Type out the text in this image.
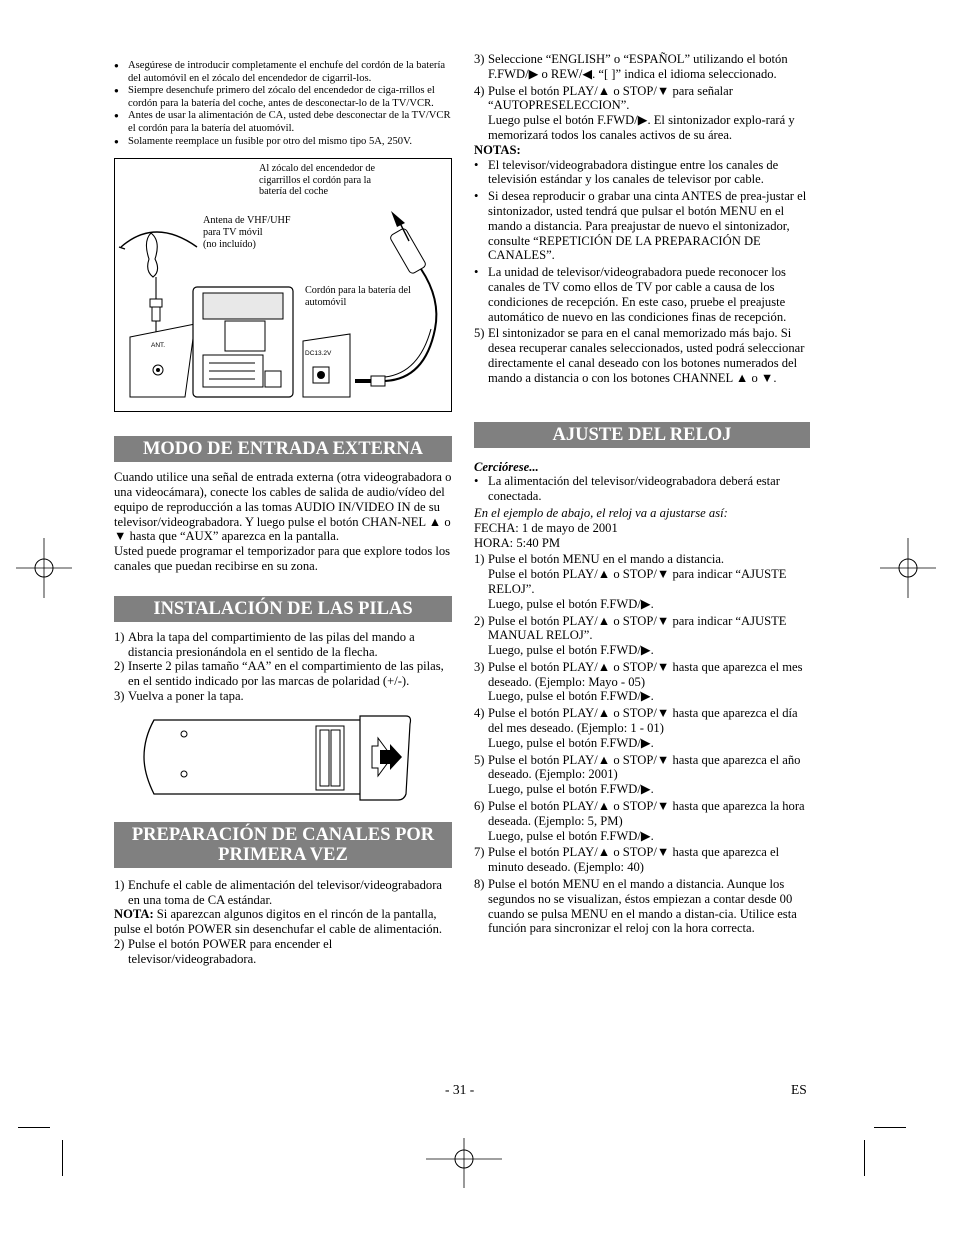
● Asegúrese de introducir completamente el enchufe del cordón de la batería del automóvil en el zócalo del encendedor de cigarril-los.
● Siempre desenchufe primero del zócalo del encendedor de ciga-rrillos el cordón para la batería del coche, antes de desconectar-lo de la TV/VCR.
● Antes de usar la alimentación de CA, usted debe desconectar de la TV/VCR el cordón para la batería del atuomóvil.
● Solamente reemplace un fusible por otro del mismo tipo 5A, 250V.
Al zócalo del encendedor de cigarrillos el cordón para la batería del coche
Antena de VHF/UHF
para TV móvil
(no incluído)
Cordón para la batería del automóvil
ANT.
DC13.2V
MODO DE ENTRADA EXTERNA

Cuando utilice una señal de entrada externa (otra videograbadora o una videocámara), conecte los cables de salida de audio/vídeo del equipo de reproducción a las tomas AUDIO IN/VIDEO IN de su televisor/videograbadora. Y luego pulse el botón CHAN-NEL ▲ o ▼ hasta que “AUX” aparezca en la pantalla.

Usted puede programar el temporizador para que explore todos los canales que puedan recibirse en su zona.

INSTALACIÓN DE LAS PILAS
1) Abra la tapa del compartimiento de las pilas del mando a distancia presionándola en el sentido de la flecha.
2) Inserte 2 pilas tamaño “AA” en el compartimiento de las pilas, en el sentido indicado por las marcas de polaridad (+/-).
3) Vuelva a poner la tapa.
PREPARACIÓN DE CANALES POR PRIMERA VEZ
1) Enchufe el cable de alimentación del televisor/videograbadora en una toma de CA estándar.

NOTA: Si aparezcan algunos digitos en el rincón de la pantalla, pulse el botón POWER sin desenchufar el cable de alimentación.

2) Pulse el botón POWER para encender el televisor/videograbadora.
3) Seleccione “ENGLISH” o “ESPAÑOL” utilizando el botón F.FWD/▶ o REW/◀. “[ ]” indica el idioma seleccionado.
4) Pulse el botón PLAY/▲ o STOP/▼ para señalar “AUTOPRESELECCION”.

Luego pulse el botón F.FWD/▶. El sintonizador explo-rará y memorizará todos los canales activos de su área.

NOTAS:

• El televisor/videograbadora distingue entre los canales de televisión estándar y los canales de televisor por cable.
• Si desea reproducir o grabar una cinta ANTES de prea-justar el sintonizador, usted tendrá que pulsar el botón MENU en el mando a distancia. Para preajustar de nuevo el sintonizador, consulte “REPETICIÓN DE LA PREPARACIÓN DE CANALES”.
• La unidad de televisor/videograbadora puede reconocer los canales de TV como ellos de TV por cable a causa de los condiciones de recepción. En este caso, pruebe el preajuste automático de nuevo en las condiciones finas de recepción.
5) El sintonizador se para en el canal memorizado más bajo. Si desea recuperar canales seleccionados, usted podrá seleccionar directamente el canal deseado con los botones numerados del mando a distancia o con los botones CHANNEL ▲ o ▼.
AJUSTE DEL RELOJ

Cerciórese...

• La alimentación del televisor/videograbadora deberá estar conectada.

En el ejemplo de abajo, el reloj va a ajustarse así:

FECHA: 1 de mayo de 2001

HORA: 5:40 PM

1) Pulse el botón MENU en el mando a distancia.

Pulse el botón PLAY/▲ o STOP/▼ para indicar “AJUSTE RELOJ”.

Luego, pulse el botón F.FWD/▶.

2) Pulse el botón PLAY/▲ o STOP/▼ para indicar “AJUSTE MANUAL RELOJ”.

Luego, pulse el botón F.FWD/▶.

3) Pulse el botón PLAY/▲ o STOP/▼ hasta que aparezca el mes deseado. (Ejemplo: Mayo - 05)

Luego, pulse el botón F.FWD/▶.

4) Pulse el botón PLAY/▲ o STOP/▼ hasta que aparezca el día del mes deseado. (Ejemplo: 1 - 01)

Luego, pulse el botón F.FWD/▶.

5) Pulse el botón PLAY/▲ o STOP/▼ hasta que aparezca el año deseado. (Ejemplo: 2001)

Luego, pulse el botón F.FWD/▶.

6) Pulse el botón PLAY/▲ o STOP/▼ hasta que aparezca la hora deseada. (Ejemplo: 5, PM)

Luego, pulse el botón F.FWD/▶.

7) Pulse el botón PLAY/▲ o STOP/▼ hasta que aparezca el minuto deseado. (Ejemplo: 40)
8) Pulse el botón MENU en el mando a distancia. Aunque los segundos no se visualizan, éstos empiezan a contar desde 00 cuando se pulsa MENU en el mando a distan-cia. Utilice esta función para sincronizar el reloj con la hora correcta.
- 31 -	ES
